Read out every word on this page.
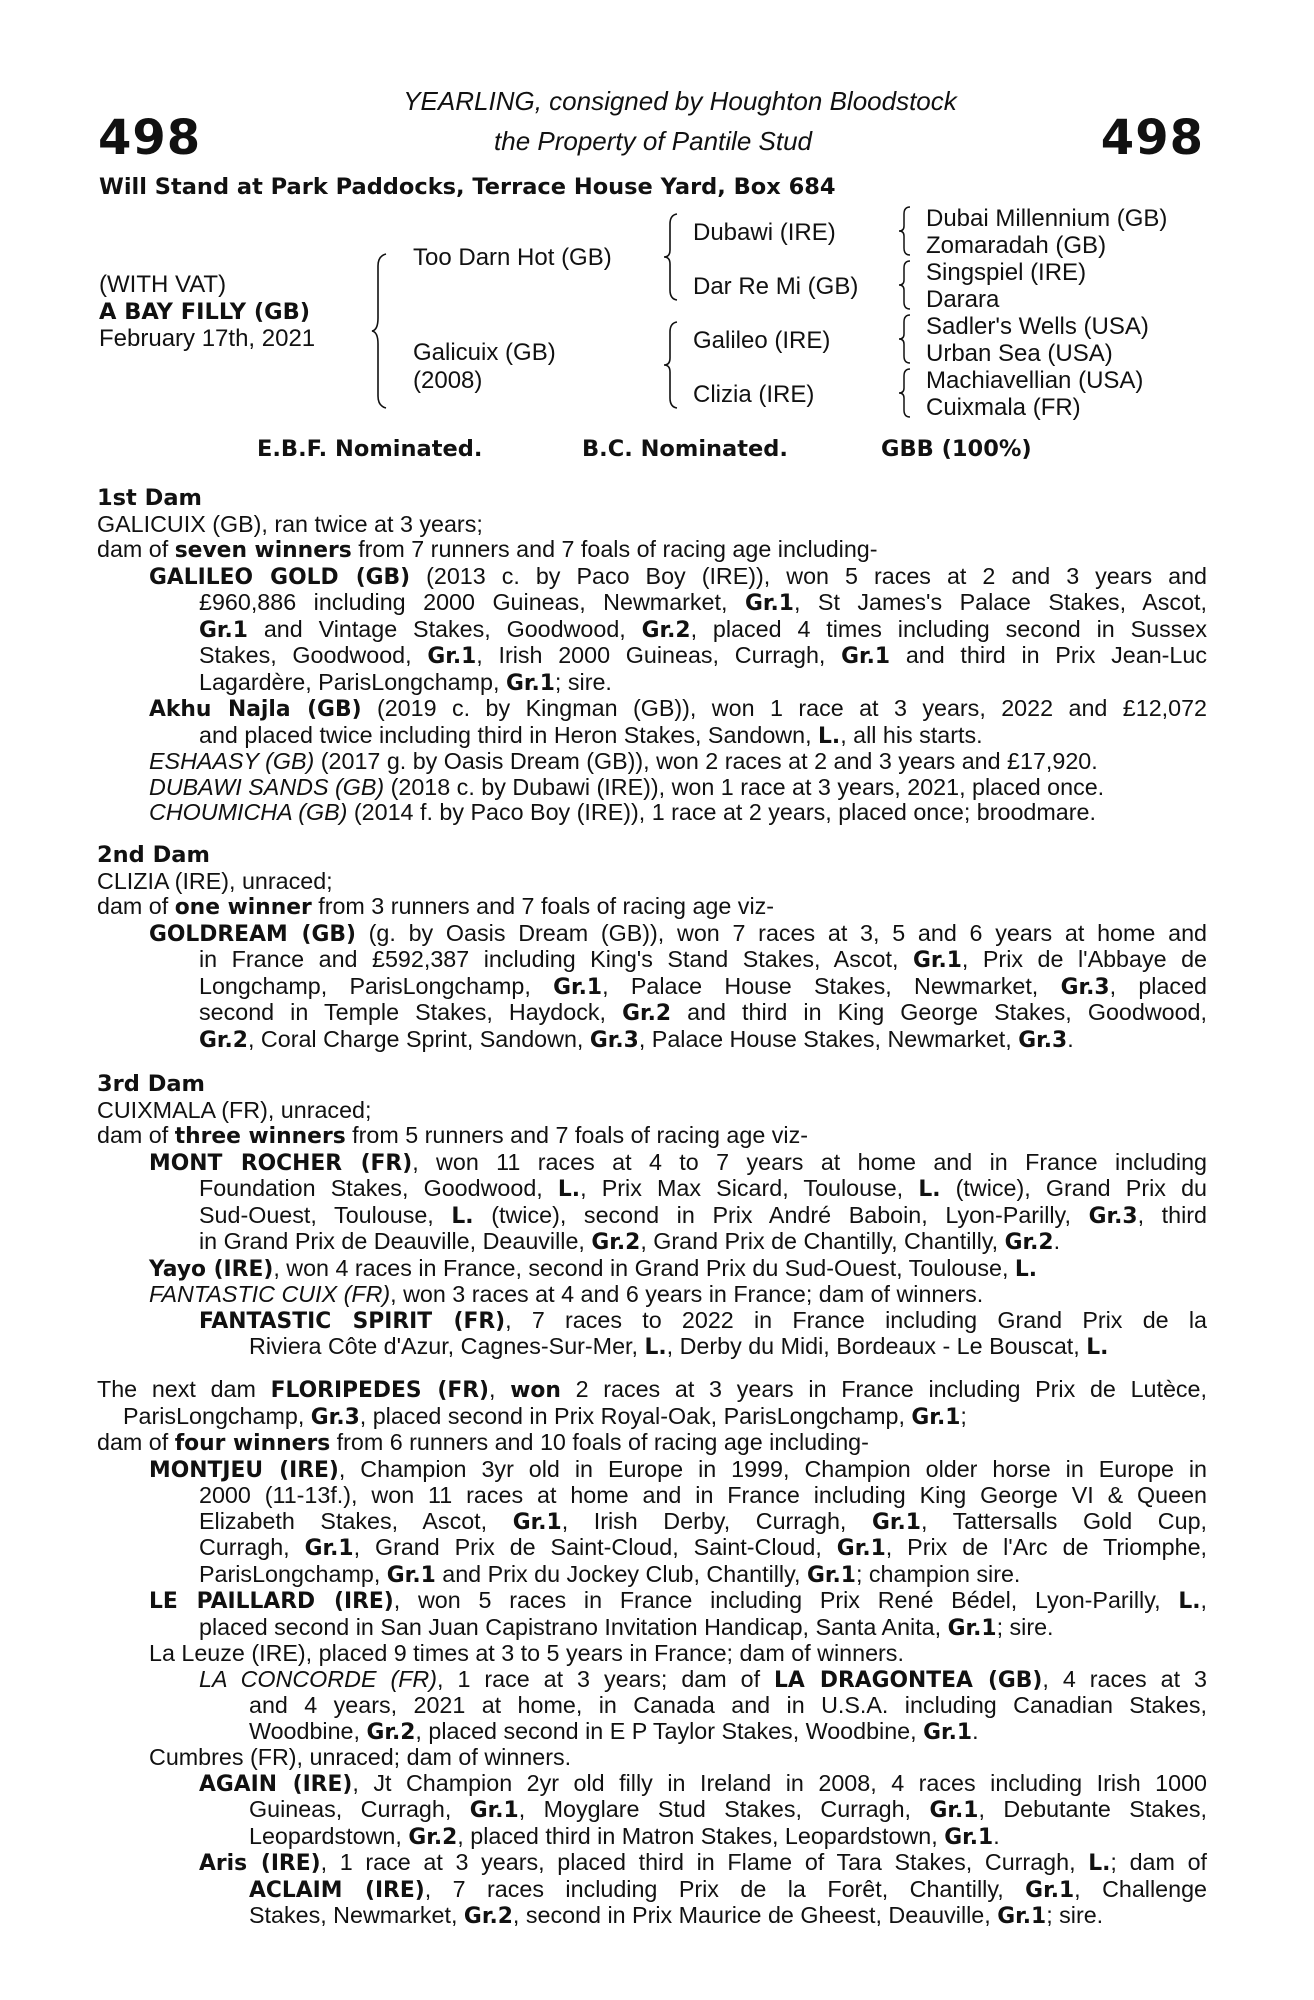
498	498
YEARLING, consigned by Houghton Bloodstock
the Property of Pantile Stud
Will Stand at Park Paddocks, Terrace House Yard, Box 684
(WITH VAT)
A BAY FILLY (GB)
February 17th, 2021
Too Darn Hot (GB)
Galicuix (GB)
(2008)
Dubawi (IRE)
Dar Re Mi (GB)
Galileo (IRE)
Clizia (IRE)
Dubai Millennium (GB)
Zomaradah (GB)
Singspiel (IRE)
Darara
Sadler's Wells (USA)
Urban Sea (USA)
Machiavellian (USA)
Cuixmala (FR)
E.B.F. Nominated.	B.C. Nominated.	GBB (100%)
1st Dam
GALICUIX (GB), ran twice at 3 years;
dam of seven winners from 7 runners and 7 foals of racing age including-
GALILEO GOLD (GB) (2013 c. by Paco Boy (IRE)), won 5 races at 2 and 3 years and
£960,886 including 2000 Guineas, Newmarket, Gr.1, St James's Palace Stakes, Ascot,
Gr.1 and Vintage Stakes, Goodwood, Gr.2, placed 4 times including second in Sussex
Stakes, Goodwood, Gr.1, Irish 2000 Guineas, Curragh, Gr.1 and third in Prix Jean-Luc
Lagardère, ParisLongchamp, Gr.1; sire.
Akhu Najla (GB) (2019 c. by Kingman (GB)), won 1 race at 3 years, 2022 and £12,072
and placed twice including third in Heron Stakes, Sandown, L., all his starts.
ESHAASY (GB) (2017 g. by Oasis Dream (GB)), won 2 races at 2 and 3 years and £17,920.
DUBAWI SANDS (GB) (2018 c. by Dubawi (IRE)), won 1 race at 3 years, 2021, placed once.
CHOUMICHA (GB) (2014 f. by Paco Boy (IRE)), 1 race at 2 years, placed once; broodmare.
2nd Dam
CLIZIA (IRE), unraced;
dam of one winner from 3 runners and 7 foals of racing age viz-
GOLDREAM (GB) (g. by Oasis Dream (GB)), won 7 races at 3, 5 and 6 years at home and
in France and £592,387 including King's Stand Stakes, Ascot, Gr.1, Prix de l'Abbaye de
Longchamp, ParisLongchamp, Gr.1, Palace House Stakes, Newmarket, Gr.3, placed
second in Temple Stakes, Haydock, Gr.2 and third in King George Stakes, Goodwood,
Gr.2, Coral Charge Sprint, Sandown, Gr.3, Palace House Stakes, Newmarket, Gr.3.
3rd Dam
CUIXMALA (FR), unraced;
dam of three winners from 5 runners and 7 foals of racing age viz-
MONT ROCHER (FR), won 11 races at 4 to 7 years at home and in France including
Foundation Stakes, Goodwood, L., Prix Max Sicard, Toulouse, L. (twice), Grand Prix du
Sud-Ouest, Toulouse, L. (twice), second in Prix André Baboin, Lyon-Parilly, Gr.3, third
in Grand Prix de Deauville, Deauville, Gr.2, Grand Prix de Chantilly, Chantilly, Gr.2.
Yayo (IRE), won 4 races in France, second in Grand Prix du Sud-Ouest, Toulouse, L.
FANTASTIC CUIX (FR), won 3 races at 4 and 6 years in France; dam of winners.
FANTASTIC SPIRIT (FR), 7 races to 2022 in France including Grand Prix de la
Riviera Côte d'Azur, Cagnes-Sur-Mer, L., Derby du Midi, Bordeaux - Le Bouscat, L.
The next dam FLORIPEDES (FR), won 2 races at 3 years in France including Prix de Lutèce,
ParisLongchamp, Gr.3, placed second in Prix Royal-Oak, ParisLongchamp, Gr.1;
dam of four winners from 6 runners and 10 foals of racing age including-
MONTJEU (IRE), Champion 3yr old in Europe in 1999, Champion older horse in Europe in
2000 (11-13f.), won 11 races at home and in France including King George VI & Queen
Elizabeth Stakes, Ascot, Gr.1, Irish Derby, Curragh, Gr.1, Tattersalls Gold Cup,
Curragh, Gr.1, Grand Prix de Saint-Cloud, Saint-Cloud, Gr.1, Prix de l'Arc de Triomphe,
ParisLongchamp, Gr.1 and Prix du Jockey Club, Chantilly, Gr.1; champion sire.
LE PAILLARD (IRE), won 5 races in France including Prix René Bédel, Lyon-Parilly, L.,
placed second in San Juan Capistrano Invitation Handicap, Santa Anita, Gr.1; sire.
La Leuze (IRE), placed 9 times at 3 to 5 years in France; dam of winners.
LA CONCORDE (FR), 1 race at 3 years; dam of LA DRAGONTEA (GB), 4 races at 3
and 4 years, 2021 at home, in Canada and in U.S.A. including Canadian Stakes,
Woodbine, Gr.2, placed second in E P Taylor Stakes, Woodbine, Gr.1.
Cumbres (FR), unraced; dam of winners.
AGAIN (IRE), Jt Champion 2yr old filly in Ireland in 2008, 4 races including Irish 1000
Guineas, Curragh, Gr.1, Moyglare Stud Stakes, Curragh, Gr.1, Debutante Stakes,
Leopardstown, Gr.2, placed third in Matron Stakes, Leopardstown, Gr.1.
Aris (IRE), 1 race at 3 years, placed third in Flame of Tara Stakes, Curragh, L.; dam of
ACLAIM (IRE), 7 races including Prix de la Forêt, Chantilly, Gr.1, Challenge
Stakes, Newmarket, Gr.2, second in Prix Maurice de Gheest, Deauville, Gr.1; sire.
